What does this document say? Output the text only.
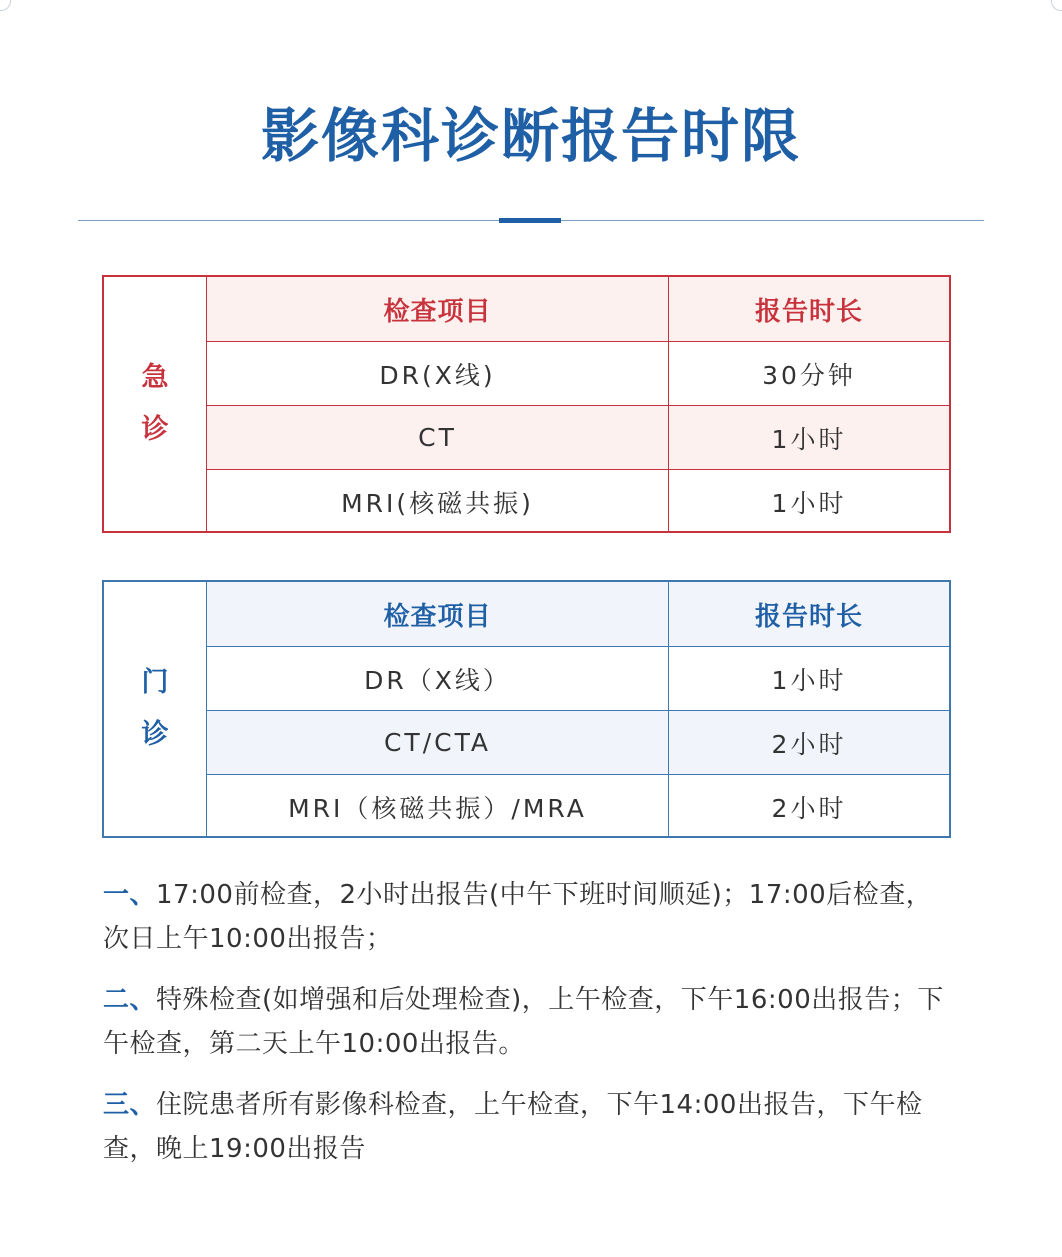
影像科诊断报告时限
急
诊
检查项目	报告时长
DR(X线)	30分钟
CT	1小时
MRI(核磁共振)	1小时
门
诊
检查项目	报告时长
DR（X线）	1小时
CT/CTA	2小时
MRI（核磁共振）/MRA	2小时

一、17:00前检查，2小时出报告(中午下班时间顺延)；17:00后检查，次日上午10:00出报告；

二、特殊检查(如增强和后处理检查)，上午检查，下午16:00出报告；下午检查，第二天上午10:00出报告。

三、住院患者所有影像科检查，上午检查，下午14:00出报告，下午检查，晚上19:00出报告
